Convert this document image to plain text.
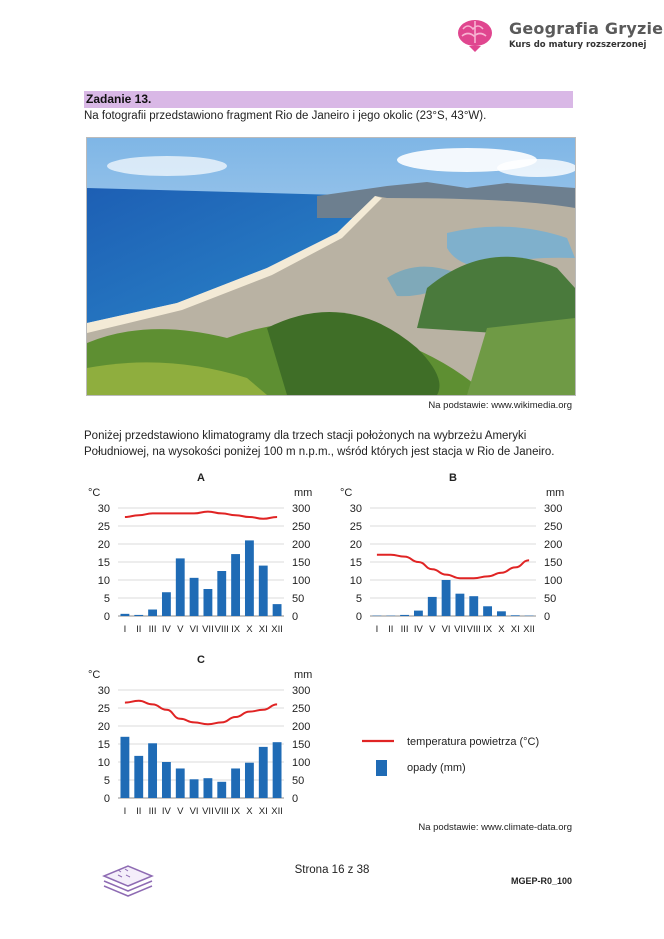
Geografia Gryzie
Kurs do matury rozszerzonej
Zadanie 13.
Na fotografii przedstawiono fragment Rio de Janeiro i jego okolic (23°S, 43°W).
Na podstawie: www.wikimedia.org
Poniżej przedstawiono klimatogramy dla trzech stacji położonych na wybrzeżu Ameryki Południowej, na wysokości poniżej 100 m n.p.m., wśród których jest stacja w Rio de Janeiro.
A
°C	mm
0
5
10
15
20
25
30
0
50
100
150
200
250
300
I II III IV V VI VII VIII IX X XI XII
B
°C	mm
0
5
10
15
20
25
30
0
50
100
150
200
250
300
I II III IV V VI VII VIII IX X XI XII
C
°C	mm
0
5
10
15
20
25
30
0
50
100
150
200
250
300
I II III IV V VI VII VIII IX X XI XII
temperatura powietrza (°C)
opady (mm)
Na podstawie: www.climate-data.org
Strona 16 z 38
MGEP-R0_100
